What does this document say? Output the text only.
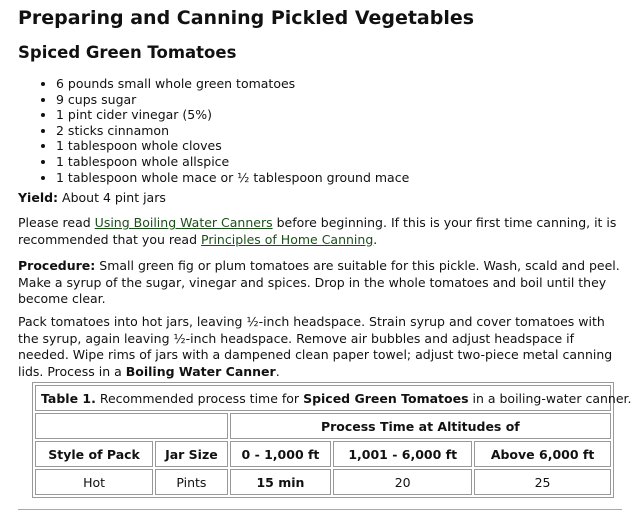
Preparing and Canning Pickled Vegetables
Spiced Green Tomatoes
• 6 pounds small whole green tomatoes
• 9 cups sugar
• 1 pint cider vinegar (5%)
• 2 sticks cinnamon
• 1 tablespoon whole cloves
• 1 tablespoon whole allspice
• 1 tablespoon whole mace or ½ tablespoon ground mace

Yield: About 4 pint jars

Please read Using Boiling Water Canners before beginning. If this is your first time canning, it is recommended that you read Principles of Home Canning.

Procedure: Small green fig or plum tomatoes are suitable for this pickle. Wash, scald and peel. Make a syrup of the sugar, vinegar and spices. Drop in the whole tomatoes and boil until they become clear.

Pack tomatoes into hot jars, leaving ½-inch headspace. Strain syrup and cover tomatoes with the syrup, again leaving ½-inch headspace. Remove air bubbles and adjust headspace if needed. Wipe rims of jars with a dampened clean paper towel; adjust two-piece metal canning lids. Process in a Boiling Water Canner.

Table 1. Recommended process time for Spiced Green Tomatoes in a boiling-water canner.				
		Process Time at Altitudes of		
Style of Pack	Jar Size	0 - 1,000 ft	1,001 - 6,000 ft	Above 6,000 ft
Hot	Pints	15 min	20	25
